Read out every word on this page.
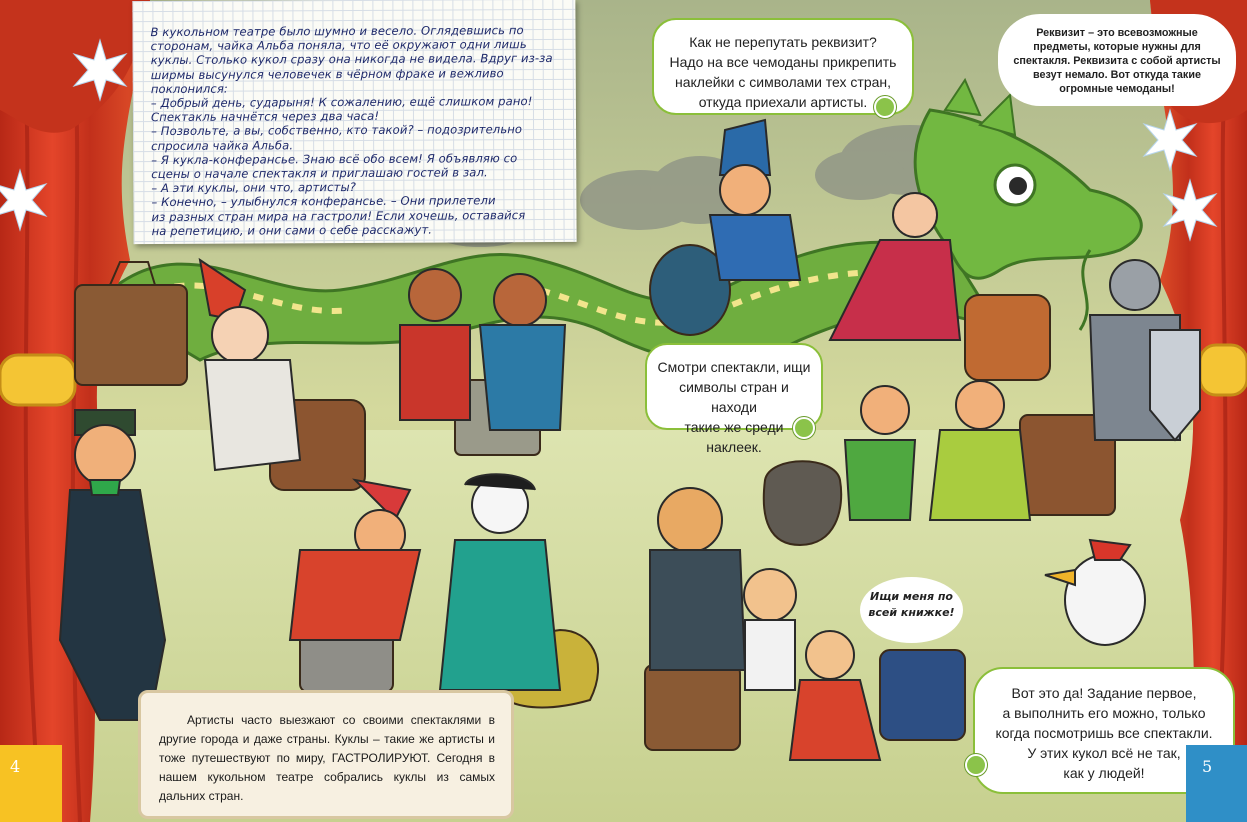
В кукольном театре было шумно и весело. Оглядевшись по

сторонам, чайка Альба поняла, что её окружают одни лишь

куклы. Столько кукол сразу она никогда не видела. Вдруг из-за

ширмы высунулся человечек в чёрном фраке и вежливо поклонился:

– Добрый день, сударыня! К сожалению, ещё слишком рано!

Спектакль начнётся через два часа!

– Позвольте, а вы, собственно, кто такой? – подозрительно

спросила чайка Альба.

– Я кукла-конферансье. Знаю всё обо всем! Я объявляю со

сцены о начале спектакля и приглашаю гостей в зал.

– А эти куклы, они что, артисты?

– Конечно, – улыбнулся конферансье. – Они прилетели

из разных стран мира на гастроли! Если хочешь, оставайся

на репетицию, и они сами о себе расскажут.

Как не перепутать реквизит?
Надо на все чемоданы прикрепить
наклейки с символами тех стран,
откуда приехали артисты.
Реквизит – это всевозможные
предметы, которые нужны для
спектакля. Реквизита с собой артисты
везут немало. Вот откуда такие
огромные чемоданы!
Смотри спектакли, ищи
символы стран и находи
такие же среди наклеек.
Ищи меня по
всей книжке!
Вот это да! Задание первое,
а выполнить его можно, только
когда посмотришь все спектакли.
У этих кукол всё не так,
как у людей!
Артисты часто выезжают со своими спектаклями в другие города и даже страны. Куклы – такие же артисты и тоже путешествуют по миру, ГАСТРОЛИРУЮТ. Сегодня в нашем кукольном театре собрались куклы из самых дальних стран.
4	5
